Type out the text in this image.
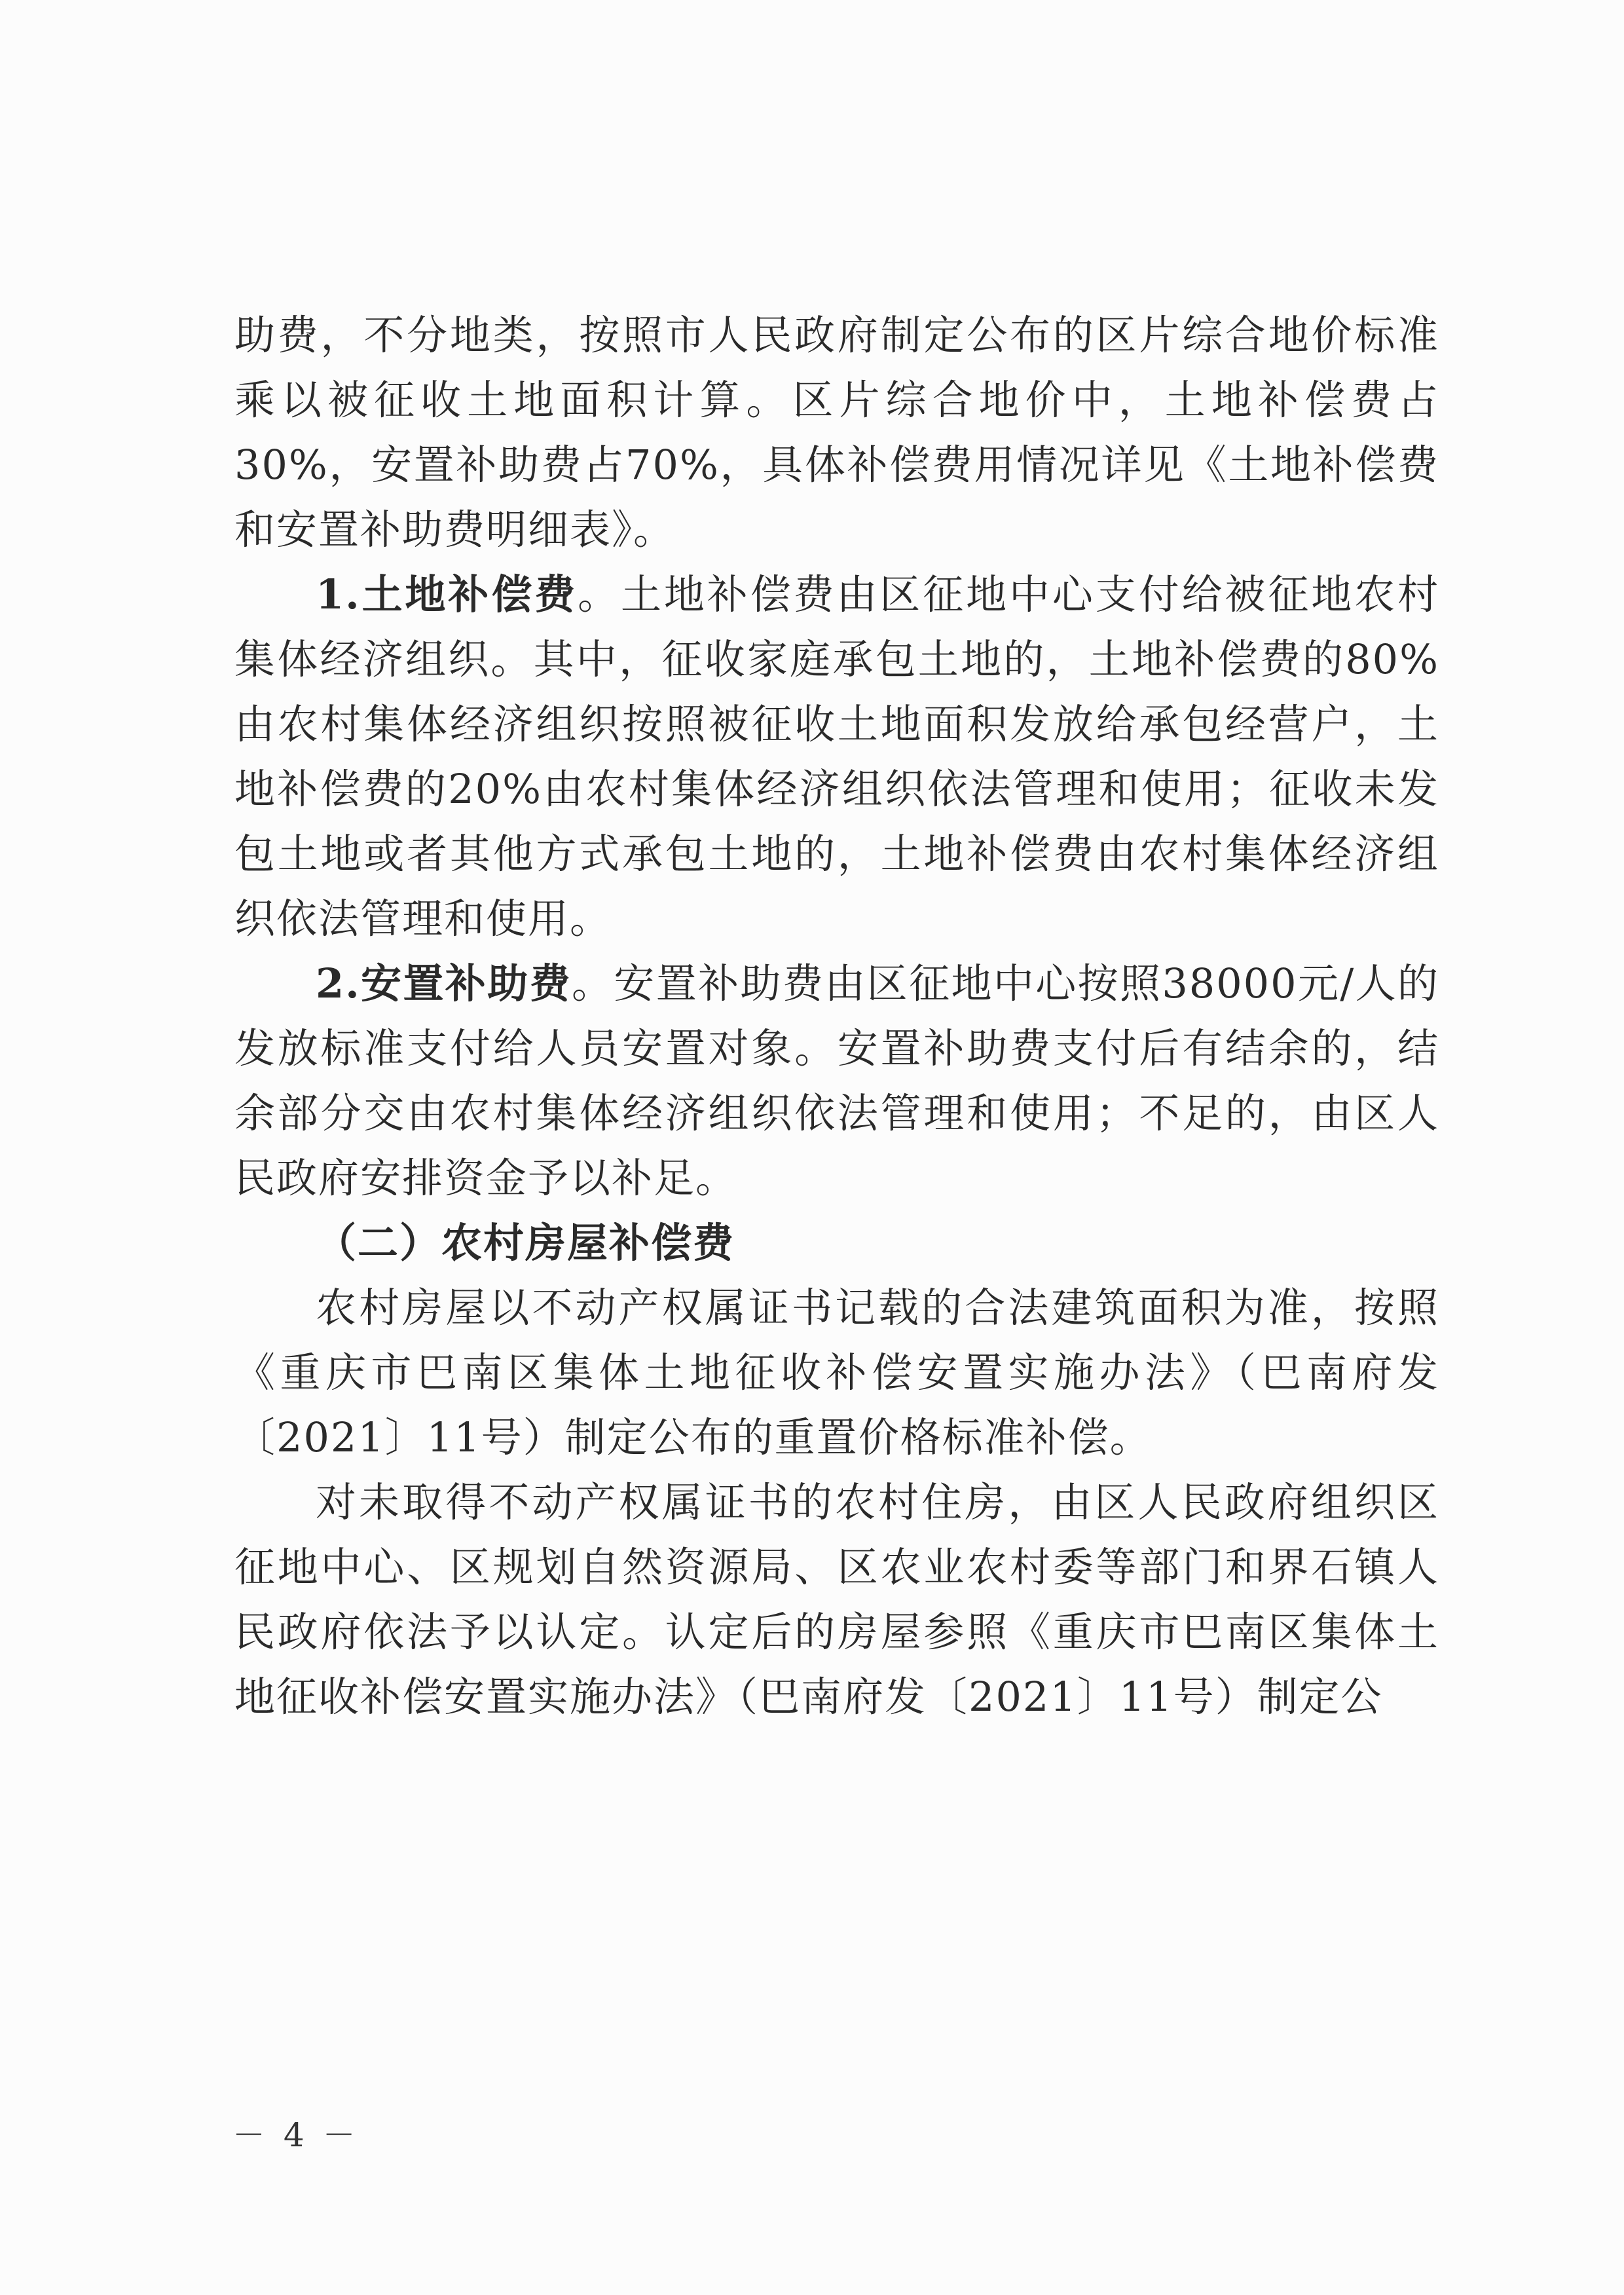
助费，不分地类，按照市人民政府制定公布的区片综合地价标准乘以被征收土地面积计算。区片综合地价中，土地补偿费占30%，安置补助费占70%，具体补偿费用情况详见《土地补偿费和安置补助费明细表》。

1.土地补偿费。土地补偿费由区征地中心支付给被征地农村集体经济组织。其中，征收家庭承包土地的，土地补偿费的80%由农村集体经济组织按照被征收土地面积发放给承包经营户，土地补偿费的20%由农村集体经济组织依法管理和使用；征收未发包土地或者其他方式承包土地的，土地补偿费由农村集体经济组织依法管理和使用。

2.安置补助费。安置补助费由区征地中心按照38000元/人的发放标准支付给人员安置对象。安置补助费支付后有结余的，结余部分交由农村集体经济组织依法管理和使用；不足的，由区人民政府安排资金予以补足。

（二）农村房屋补偿费

农村房屋以不动产权属证书记载的合法建筑面积为准，按照《重庆市巴南区集体土地征收补偿安置实施办法》（巴南府发〔2021〕11号）制定公布的重置价格标准补偿。

对未取得不动产权属证书的农村住房，由区人民政府组织区征地中心、区规划自然资源局、区农业农村委等部门和界石镇人民政府依法予以认定。认定后的房屋参照《重庆市巴南区集体土地征收补偿安置实施办法》（巴南府发〔2021〕11号）制定公

－ 4 －
